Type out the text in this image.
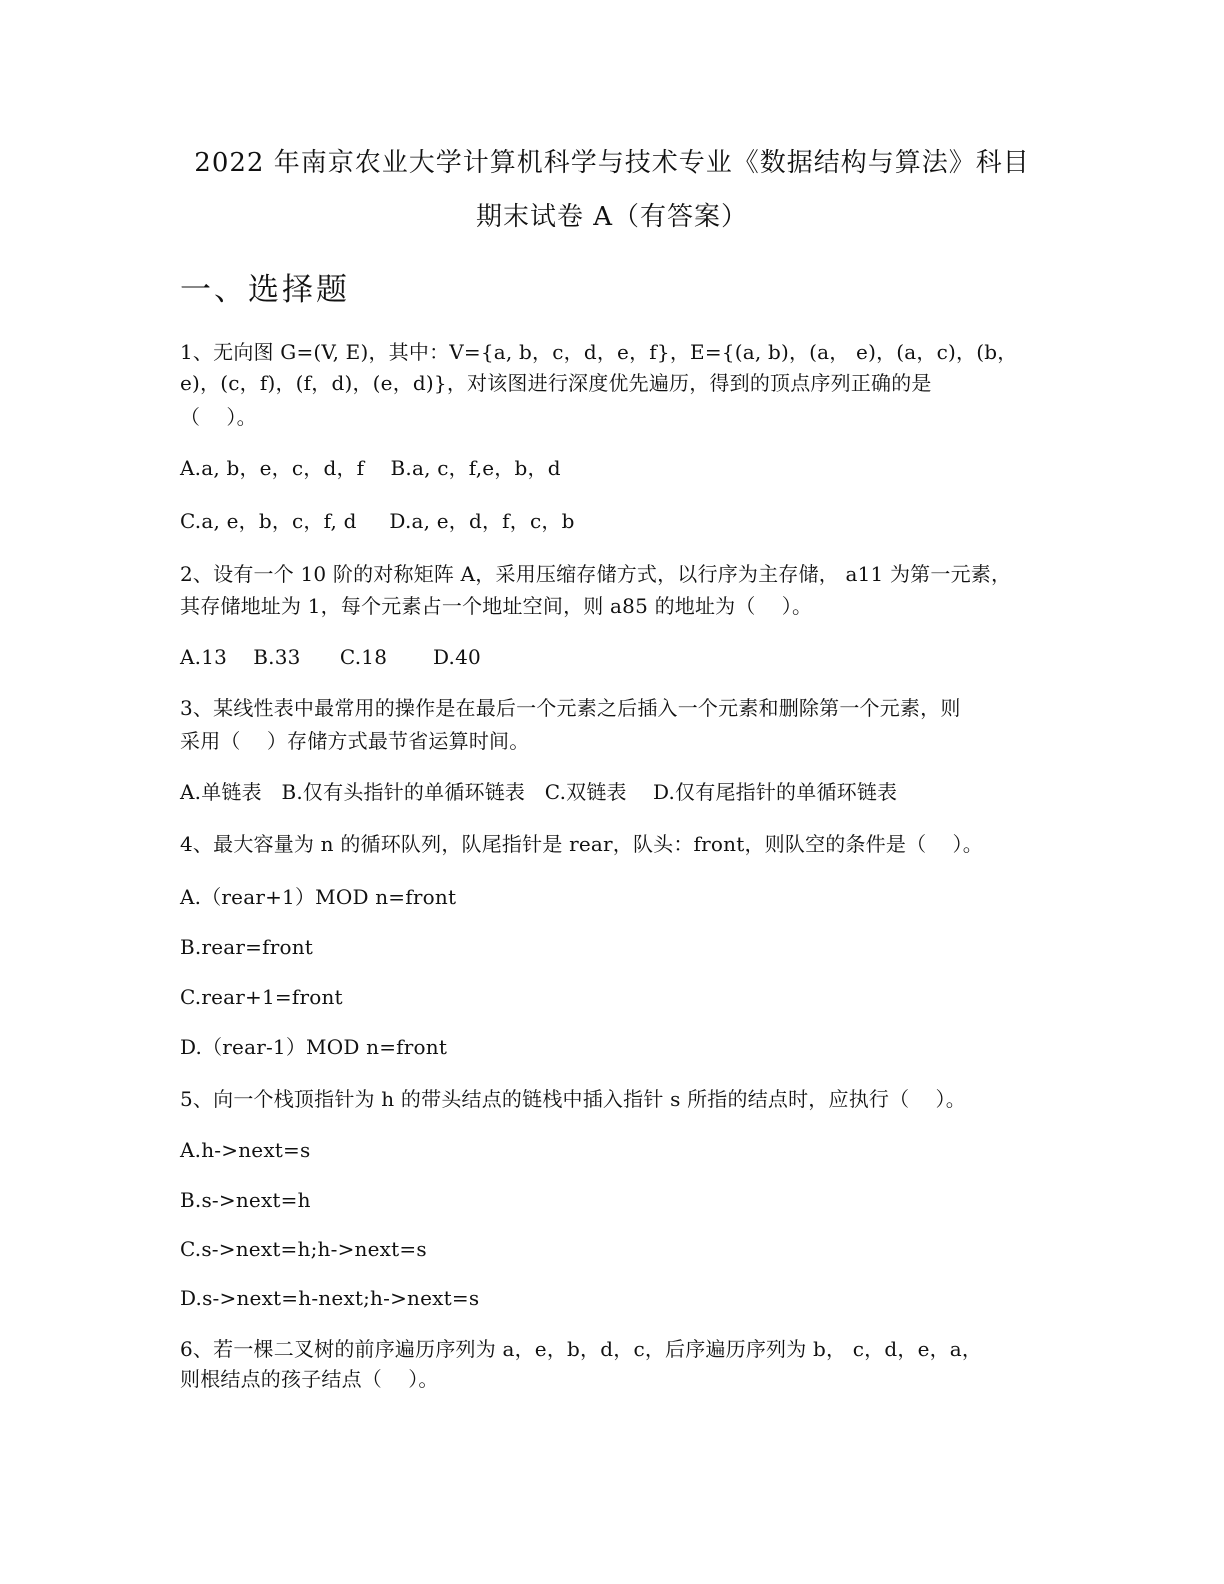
2022 年南京农业大学计算机科学与技术专业《数据结构与算法》科目
期末试卷 A（有答案）
一、选择题
1、无向图 G=(V, E)，其中：V={a, b，c，d，e，f}，E={(a, b)，(a， e)，(a，c)，(b，
e)，(c，f)，(f，d)，(e，d)}，对该图进行深度优先遍历，得到的顶点序列正确的是
（    ）。
A.a, b，e，c，d，f    B.a, c，f,e，b，d
C.a, e，b，c，f, d     D.a, e，d，f，c，b
2、设有一个 10 阶的对称矩阵 A，采用压缩存储方式，以行序为主存储， a11 为第一元素，
其存储地址为 1，每个元素占一个地址空间，则 a85 的地址为（    ）。
A.13    B.33      C.18       D.40
3、某线性表中最常用的操作是在最后一个元素之后插入一个元素和删除第一个元素，则
采用（    ）存储方式最节省运算时间。
A.单链表   B.仅有头指针的单循环链表   C.双链表    D.仅有尾指针的单循环链表
4、最大容量为 n 的循环队列，队尾指针是 rear，队头：front，则队空的条件是（    ）。
A.（rear+1）MOD n=front
B.rear=front
C.rear+1=front
D.（rear-1）MOD n=front
5、向一个栈顶指针为 h 的带头结点的链栈中插入指针 s 所指的结点时，应执行（    ）。
A.h->next=s
B.s->next=h
C.s->next=h;h->next=s
D.s->next=h-next;h->next=s
6、若一棵二叉树的前序遍历序列为 a，e，b，d，c，后序遍历序列为 b， c，d，e，a，
则根结点的孩子结点（    ）。
